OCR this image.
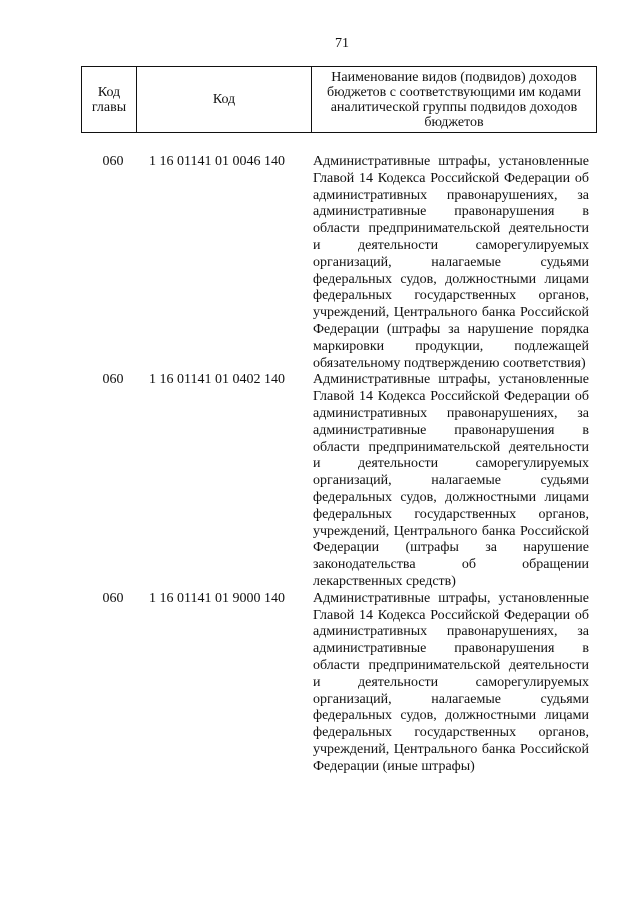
71
Код главы	Код	Наименование видов (подвидов) доходов бюджетов с соответствующими им кодами аналитической группы подвидов доходов бюджетов
060	1 16 01141 01 0046 140	Административные штрафы, установленные Главой 14 Кодекса Российской Федерации об административных правонарушениях, за административные правонарушения в области предпринимательской деятельности и деятельности саморегулируемых организаций, налагаемые судьями федеральных судов, должностными лицами федеральных государственных органов, учреждений, Центрального банка Российской Федерации (штрафы за нарушение порядка маркировки продукции, подлежащей обязательному подтверждению соответствия)
060	1 16 01141 01 0402 140	Административные штрафы, установленные Главой 14 Кодекса Российской Федерации об административных правонарушениях, за административные правонарушения в области предпринимательской деятельности и деятельности саморегулируемых организаций, налагаемые судьями федеральных судов, должностными лицами федеральных государственных органов, учреждений, Центрального банка Российской Федерации (штрафы за нарушение законодательства об обращении лекарственных средств)
060	1 16 01141 01 9000 140	Административные штрафы, установленные Главой 14 Кодекса Российской Федерации об административных правонарушениях, за административные правонарушения в области предпринимательской деятельности и деятельности саморегулируемых организаций, налагаемые судьями федеральных судов, должностными лицами федеральных государственных органов, учреждений, Центрального банка Российской Федерации (иные штрафы)
